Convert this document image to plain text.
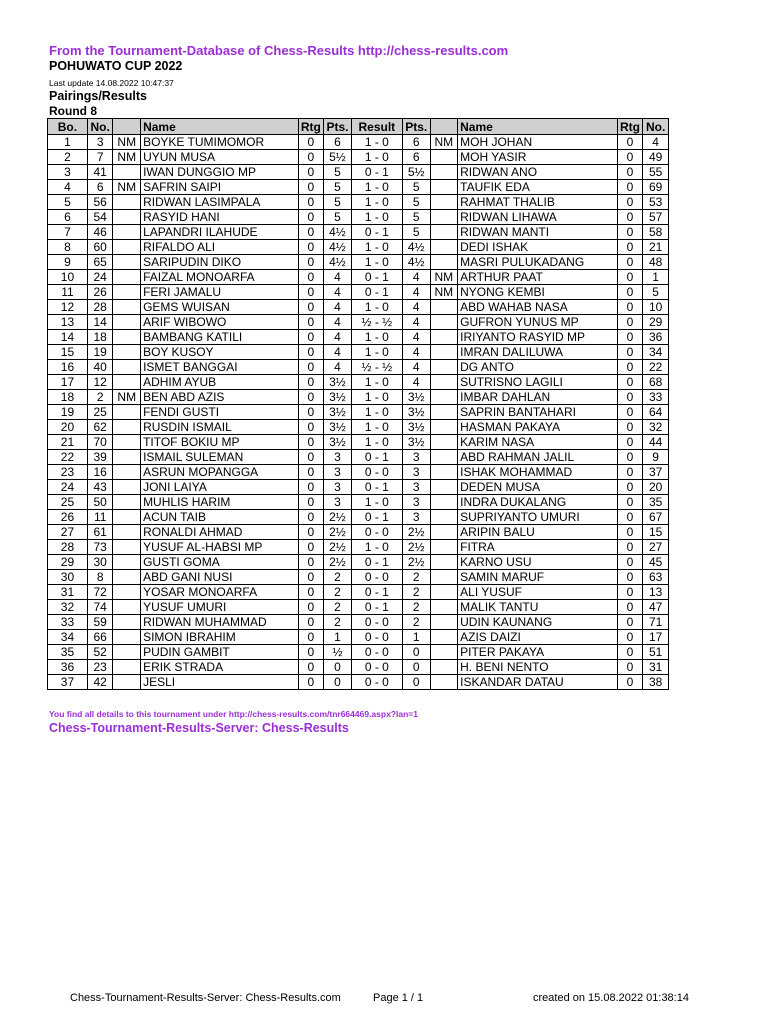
From the Tournament-Database of Chess-Results http://chess-results.com
POHUWATO CUP 2022
Last update 14.08.2022 10:47:37
Pairings/Results
Round 8
Bo.	No.		Name	Rtg	Pts.	Result	Pts.		Name	Rtg	No.
1	3	NM	BOYKE TUMIMOMOR	0	6	1 - 0	6	NM	MOH JOHAN	0	4
2	7	NM	UYUN MUSA	0	5½	1 - 0	6		MOH YASIR	0	49
3	41		IWAN DUNGGIO MP	0	5	0 - 1	5½		RIDWAN ANO	0	55
4	6	NM	SAFRIN SAIPI	0	5	1 - 0	5		TAUFIK EDA	0	69
5	56		RIDWAN LASIMPALA	0	5	1 - 0	5		RAHMAT THALIB	0	53
6	54		RASYID HANI	0	5	1 - 0	5		RIDWAN LIHAWA	0	57
7	46		LAPANDRI ILAHUDE	0	4½	0 - 1	5		RIDWAN MANTI	0	58
8	60		RIFALDO ALI	0	4½	1 - 0	4½		DEDI ISHAK	0	21
9	65		SARIPUDIN DIKO	0	4½	1 - 0	4½		MASRI PULUKADANG	0	48
10	24		FAIZAL MONOARFA	0	4	0 - 1	4	NM	ARTHUR PAAT	0	1
11	26		FERI JAMALU	0	4	0 - 1	4	NM	NYONG KEMBI	0	5
12	28		GEMS WUISAN	0	4	1 - 0	4		ABD WAHAB NASA	0	10
13	14		ARIF WIBOWO	0	4	½ - ½	4		GUFRON YUNUS MP	0	29
14	18		BAMBANG KATILI	0	4	1 - 0	4		IRIYANTO RASYID MP	0	36
15	19		BOY KUSOY	0	4	1 - 0	4		IMRAN DALILUWA	0	34
16	40		ISMET BANGGAI	0	4	½ - ½	4		DG ANTO	0	22
17	12		ADHIM AYUB	0	3½	1 - 0	4		SUTRISNO LAGILI	0	68
18	2	NM	BEN ABD AZIS	0	3½	1 - 0	3½		IMBAR DAHLAN	0	33
19	25		FENDI GUSTI	0	3½	1 - 0	3½		SAPRIN BANTAHARI	0	64
20	62		RUSDIN ISMAIL	0	3½	1 - 0	3½		HASMAN PAKAYA	0	32
21	70		TITOF BOKIU MP	0	3½	1 - 0	3½		KARIM NASA	0	44
22	39		ISMAIL SULEMAN	0	3	0 - 1	3		ABD RAHMAN JALIL	0	9
23	16		ASRUN MOPANGGA	0	3	0 - 0	3		ISHAK MOHAMMAD	0	37
24	43		JONI LAIYA	0	3	0 - 1	3		DEDEN MUSA	0	20
25	50		MUHLIS HARIM	0	3	1 - 0	3		INDRA DUKALANG	0	35
26	11		ACUN TAIB	0	2½	0 - 1	3		SUPRIYANTO UMURI	0	67
27	61		RONALDI AHMAD	0	2½	0 - 0	2½		ARIPIN BALU	0	15
28	73		YUSUF AL-HABSI MP	0	2½	1 - 0	2½		FITRA	0	27
29	30		GUSTI GOMA	0	2½	0 - 1	2½		KARNO USU	0	45
30	8		ABD GANI NUSI	0	2	0 - 0	2		SAMIN MARUF	0	63
31	72		YOSAR MONOARFA	0	2	0 - 1	2		ALI YUSUF	0	13
32	74		YUSUF UMURI	0	2	0 - 1	2		MALIK TANTU	0	47
33	59		RIDWAN MUHAMMAD	0	2	0 - 0	2		UDIN KAUNANG	0	71
34	66		SIMON IBRAHIM	0	1	0 - 0	1		AZIS DAIZI	0	17
35	52		PUDIN GAMBIT	0	½	0 - 0	0		PITER PAKAYA	0	51
36	23		ERIK STRADA	0	0	0 - 0	0		H. BENI NENTO	0	31
37	42		JESLI	0	0	0 - 0	0		ISKANDAR DATAU	0	38
You find all details to this tournament under http://chess-results.com/tnr664469.aspx?lan=1
Chess-Tournament-Results-Server: Chess-Results
Chess-Tournament-Results-Server: Chess-Results.com	Page 1 / 1	created on 15.08.2022 01:38:14
